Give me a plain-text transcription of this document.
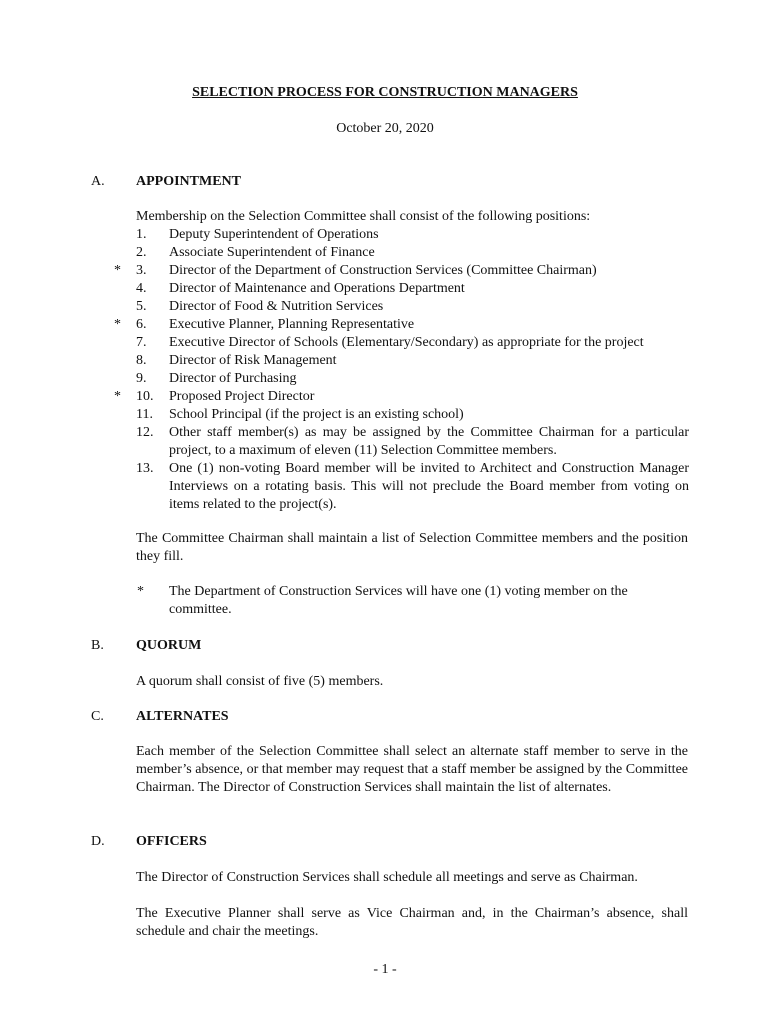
SELECTION PROCESS FOR CONSTRUCTION MANAGERS
October 20, 2020
A. APPOINTMENT
Membership on the Selection Committee shall consist of the following positions:
1. Deputy Superintendent of Operations
2. Associate Superintendent of Finance
* 3. Director of the Department of Construction Services (Committee Chairman)
4. Director of Maintenance and Operations Department
5. Director of Food & Nutrition Services
* 6. Executive Planner, Planning Representative
7. Executive Director of Schools (Elementary/Secondary) as appropriate for the project
8. Director of Risk Management
9. Director of Purchasing
* 10. Proposed Project Director
11. School Principal (if the project is an existing school)
12. Other staff member(s) as may be assigned by the Committee Chairman for a particular project, to a maximum of eleven (11) Selection Committee members.
13. One (1) non-voting Board member will be invited to Architect and Construction Manager Interviews on a rotating basis. This will not preclude the Board member from voting on items related to the project(s).
The Committee Chairman shall maintain a list of Selection Committee members and the position they fill.
* The Department of Construction Services will have one (1) voting member on the committee.
B. QUORUM
A quorum shall consist of five (5) members.
C. ALTERNATES
Each member of the Selection Committee shall select an alternate staff member to serve in the member’s absence, or that member may request that a staff member be assigned by the Committee Chairman. The Director of Construction Services shall maintain the list of alternates.
D. OFFICERS
The Director of Construction Services shall schedule all meetings and serve as Chairman.
The Executive Planner shall serve as Vice Chairman and, in the Chairman’s absence, shall schedule and chair the meetings.
- 1 -
